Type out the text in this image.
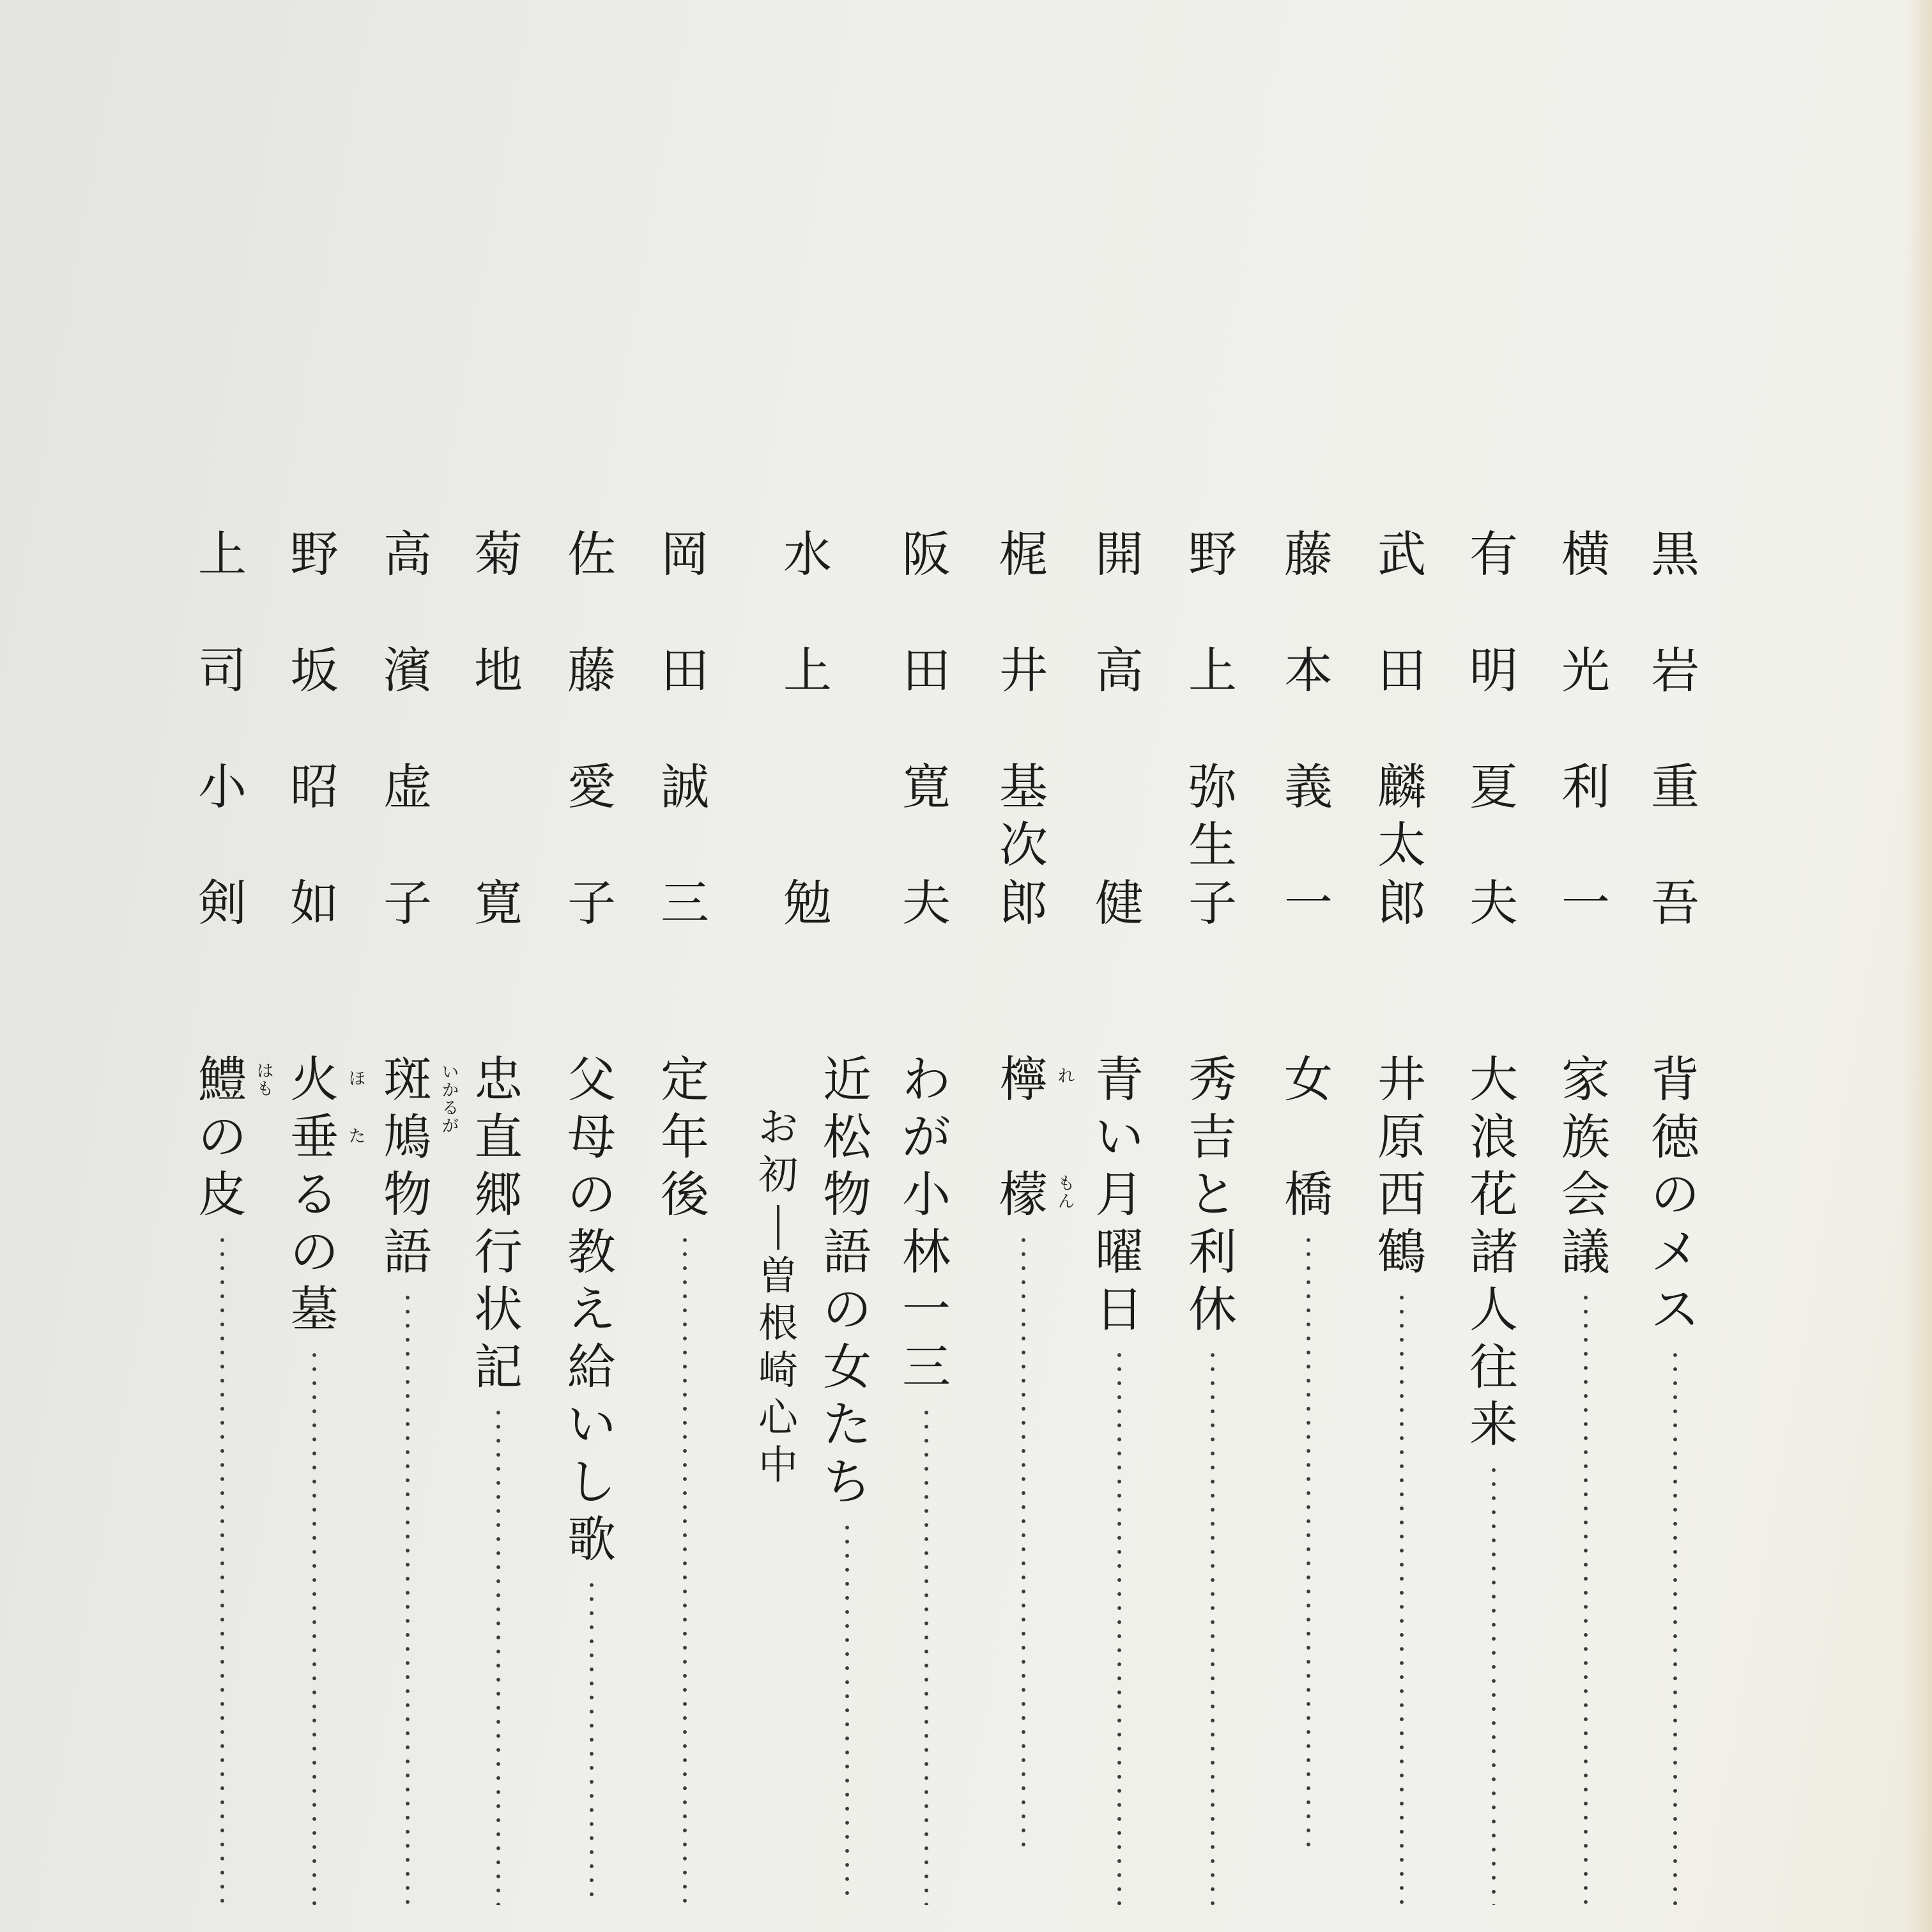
黒
岩
重
吾
横
光
利
一
有
明
夏
夫
武
田
麟
太
郎
藤
本
義
一
野
上
弥
生
子
開
高
健
梶
井
基
次
郎
阪
田
寛
夫
水
上
勉
岡
田
誠
三
佐
藤
愛
子
菊
地
寛
高
濱
虚
子
野
坂
昭
如
上
司
小
剣
背
徳
の
メ
ス
家
族
会
議
大
浪
花
諸
人
往
来
井
原
西
鶴
女
橋
秀
吉
と
利
休
青
い
月
曜
日
檸
檬
れ
も
ん
わ
が
小
林
一
三
近
松
物
語
の
女
た
ち
お
初
曽
根
崎
心
中
定
年
後
父
母
の
教
え
給
い
し
歌
忠
直
郷
行
状
記
斑
鳩
物
語
い
か
る
が
火
垂
る
の
墓
ほ
た
鱧
の
皮
は
も
